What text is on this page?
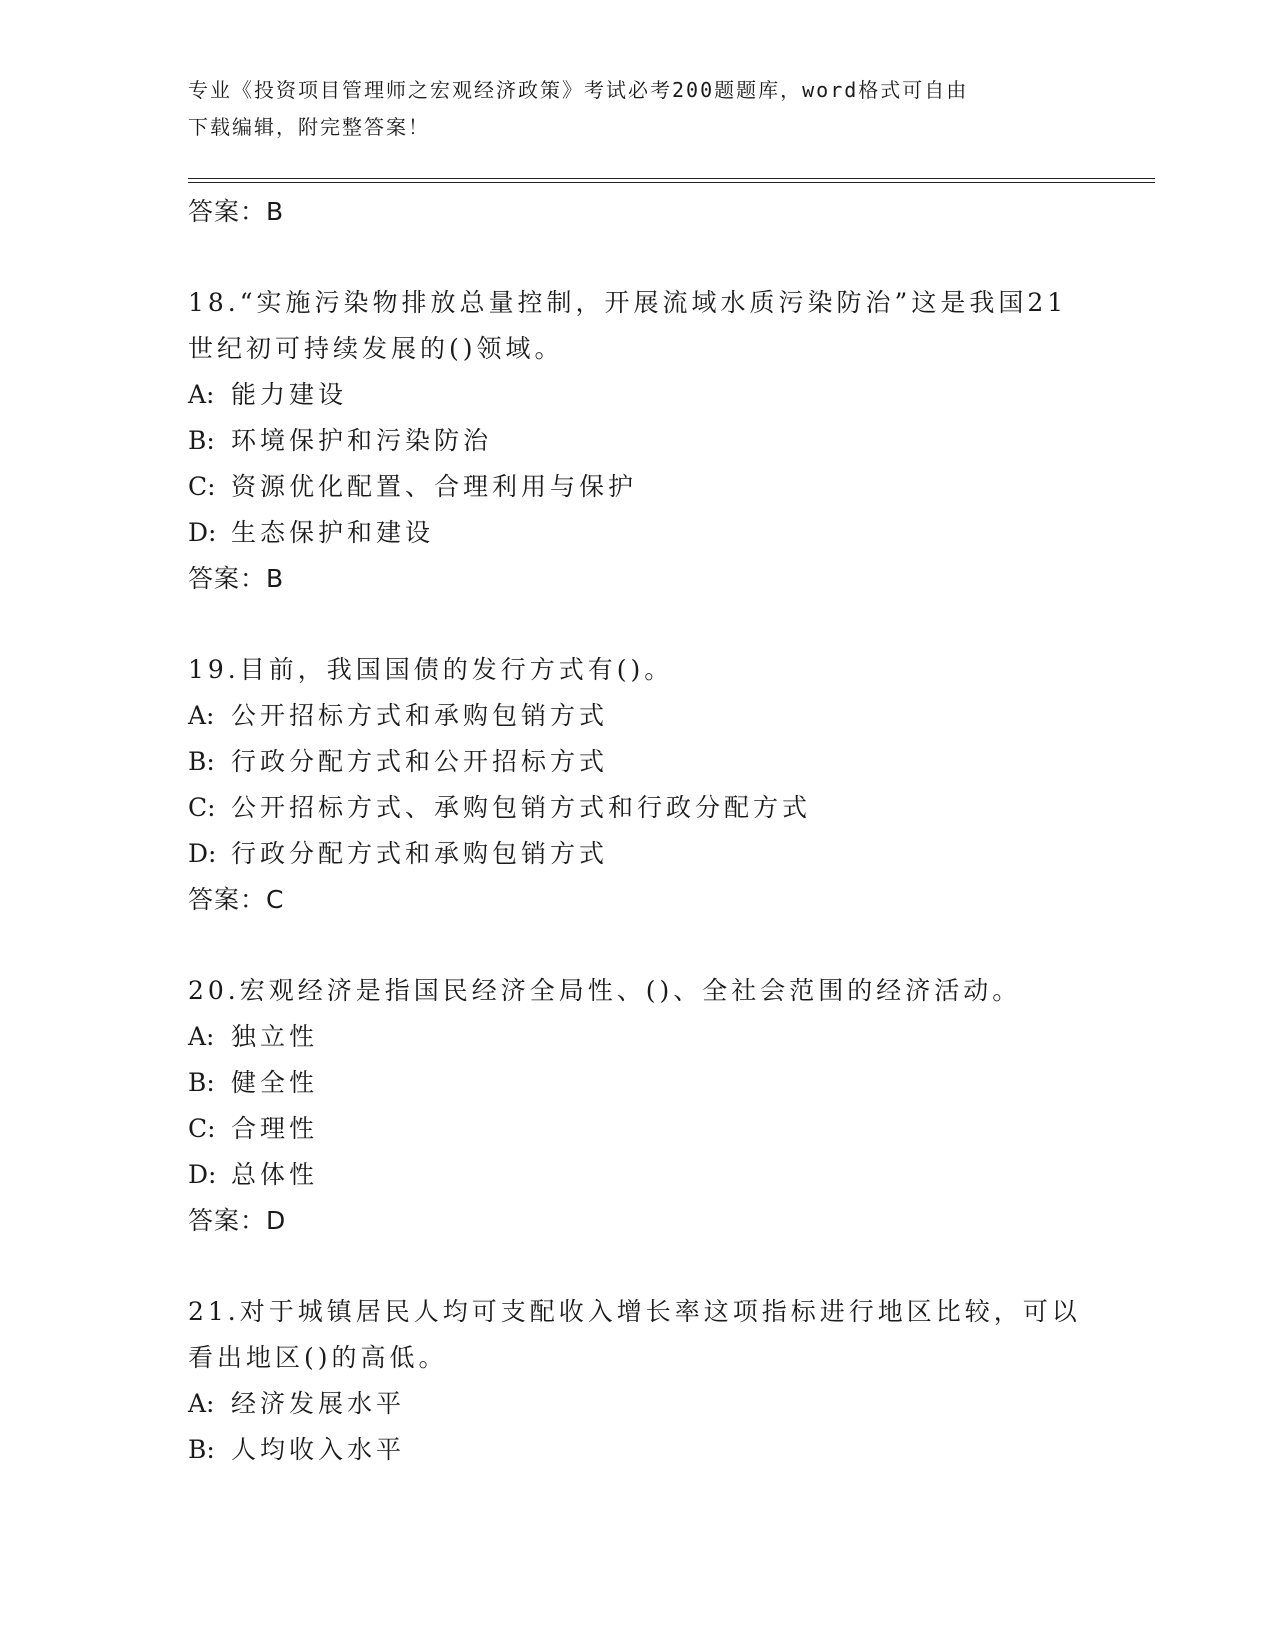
专业《投资项目管理师之宏观经济政策》考试必考200题题库，word格式可自由
下载编辑，附完整答案！
答案：B
18.“实施污染物排放总量控制，开展流域水质污染防治”这是我国21
世纪初可持续发展的()领域。
A: 能力建设
B: 环境保护和污染防治
C: 资源优化配置、合理利用与保护
D: 生态保护和建设
答案：B
19.目前，我国国债的发行方式有()。
A: 公开招标方式和承购包销方式
B: 行政分配方式和公开招标方式
C: 公开招标方式、承购包销方式和行政分配方式
D: 行政分配方式和承购包销方式
答案：C
20.宏观经济是指国民经济全局性、()、全社会范围的经济活动。
A: 独立性
B: 健全性
C: 合理性
D: 总体性
答案：D
21.对于城镇居民人均可支配收入增长率这项指标进行地区比较，可以
看出地区()的高低。
A: 经济发展水平
B: 人均收入水平
